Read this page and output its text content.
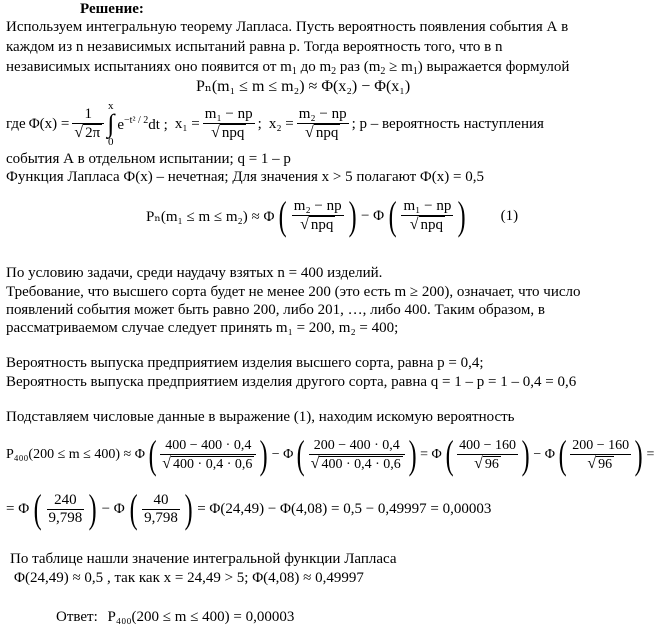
Решение:
Используем интегральную теорему Лапласа. Пусть вероятность появления события А в
каждом из n независимых испытаний равна р. Тогда вероятность того, что в n
независимых испытаниях оно появится от $m_1$ до $m_2$ раз $(m_2 \ge m_1)$ выражается формулой
Pₙ(m₁ ≤ m ≤ m₂) ≈ Φ(x₂) − Φ(x₁)
где $\Phi(x) = \frac{1}{√ 2\pi}$ x
∫
0
$e^{-t^2 / 2}dt$ ; $x_1 = \frac{\text{m₁ − np}}{\text{√ npq}}$ ; $x_2 = \frac{\text{m₂ − np}}{\text{√ npq}}$ ; р – вероятность наступления
события А в отдельном испытании; q = 1 – р
Функция Лапласа Ф(х) – нечетная; Для значения х > 5 полагают Ф(х) = 0,5
Pₙ(m₁ ≤ m ≤ m₂) ≈ Φ ( $\frac{\text{m₂ − np}}{\text{√ npq}}$ ) − Φ ( $\frac{\text{m₁ − np}}{\text{√ npq}}$ ) (1)
По условию задачи, среди наудачу взятых n = 400 изделий.
Требование, что высшего сорта будет не менее 200 (это есть m ≥ 200), означает, что число
появлений события может быть равно 200, либо 201, …, либо 400. Таким образом, в
рассматриваемом случае следует принять m₁ = 200, m₂ = 400;
Вероятность выпуска предприятием изделия высшего сорта, равна р = 0,4;
Вероятность выпуска предприятием изделия другого сорта, равна q = 1 – p = 1 – 0,4 = 0,6
Подставляем числовые данные в выражение (1), находим искомую вероятность
P₄₀₀(200 ≤ m ≤ 400) ≈ Φ ( $\frac{400 - 400 \cdot 0,4}{√ 400 \cdot 0,4 \cdot 0,6}$ ) − Φ ( $\frac{200 - 400 \cdot 0,4}{√ 400 \cdot 0,4 \cdot 0,6}$ ) = Φ ( $\frac{400 - 160}{√ 96}$ ) − Φ ( $\frac{200 - 160}{√ 96}$ ) =
= Φ ( $\frac{240}{9,798}$ ) − Φ ( $\frac{40}{9,798}$ ) = Φ(24,49) − Φ(4,08) = 0,5 − 0,49997 = 0,00003
По таблице нашли значение интегральной функции Лапласа
Φ(24,49) ≈ 0,5 , так как х = 24,49 > 5; Φ(4,08) ≈ 0,49997
Ответ: P₄₀₀(200 ≤ m ≤ 400) = 0,00003
